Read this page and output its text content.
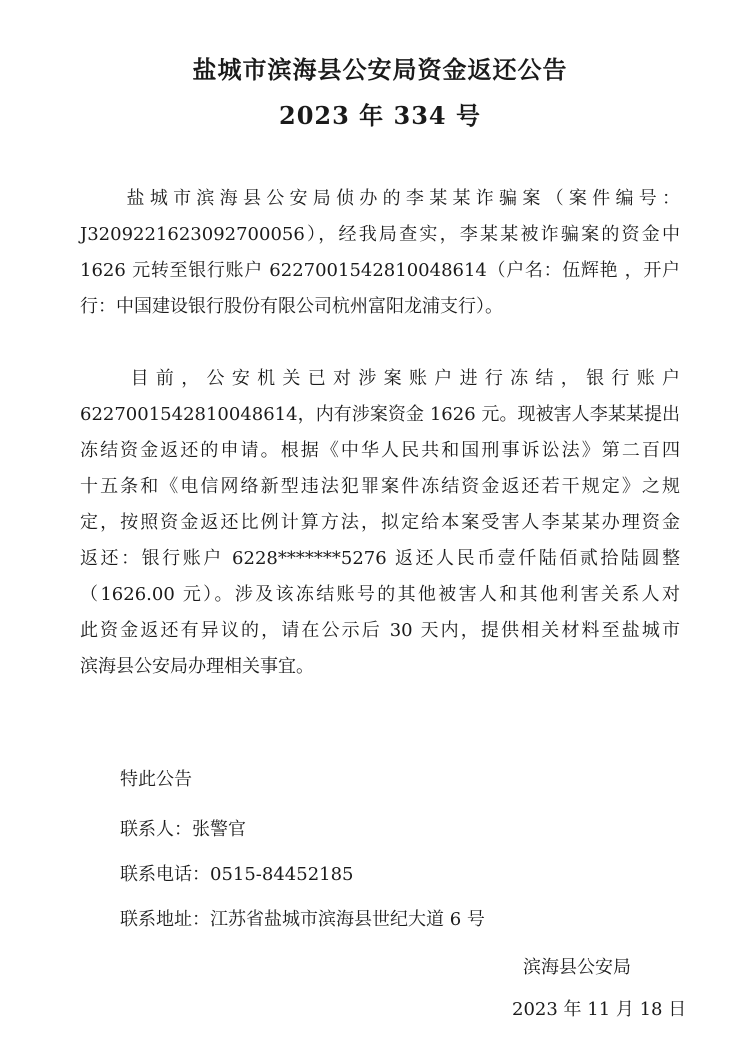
盐城市滨海县公安局资金返还公告
2023 年 334 号
　　盐城市滨海县公安局侦办的李某某诈骗案（案件编号：
J3209221623092700056），经我局查实，李某某被诈骗案的资金中
1626 元转至银行账户 6227001542810048614（户名：伍辉艳 ，开户
行：中国建设银行股份有限公司杭州富阳龙浦支行）。
　　目前，公安机关已对涉案账户进行冻结，银行账户
6227001542810048614，内有涉案资金 1626 元。现被害人李某某提出
冻结资金返还的申请。根据《中华人民共和国刑事诉讼法》第二百四
十五条和《电信网络新型违法犯罪案件冻结资金返还若干规定》之规
定，按照资金返还比例计算方法，拟定给本案受害人李某某办理资金
返还：银行账户 6228*******5276 返还人民币壹仟陆佰贰拾陆圆整
（1626.00 元）。涉及该冻结账号的其他被害人和其他利害关系人对
此资金返还有异议的，请在公示后 30 天内，提供相关材料至盐城市
滨海县公安局办理相关事宜。
特此公告
联系人：张警官
联系电话：0515-84452185
联系地址：江苏省盐城市滨海县世纪大道 6 号
滨海县公安局
2023 年 11 月 18 日
